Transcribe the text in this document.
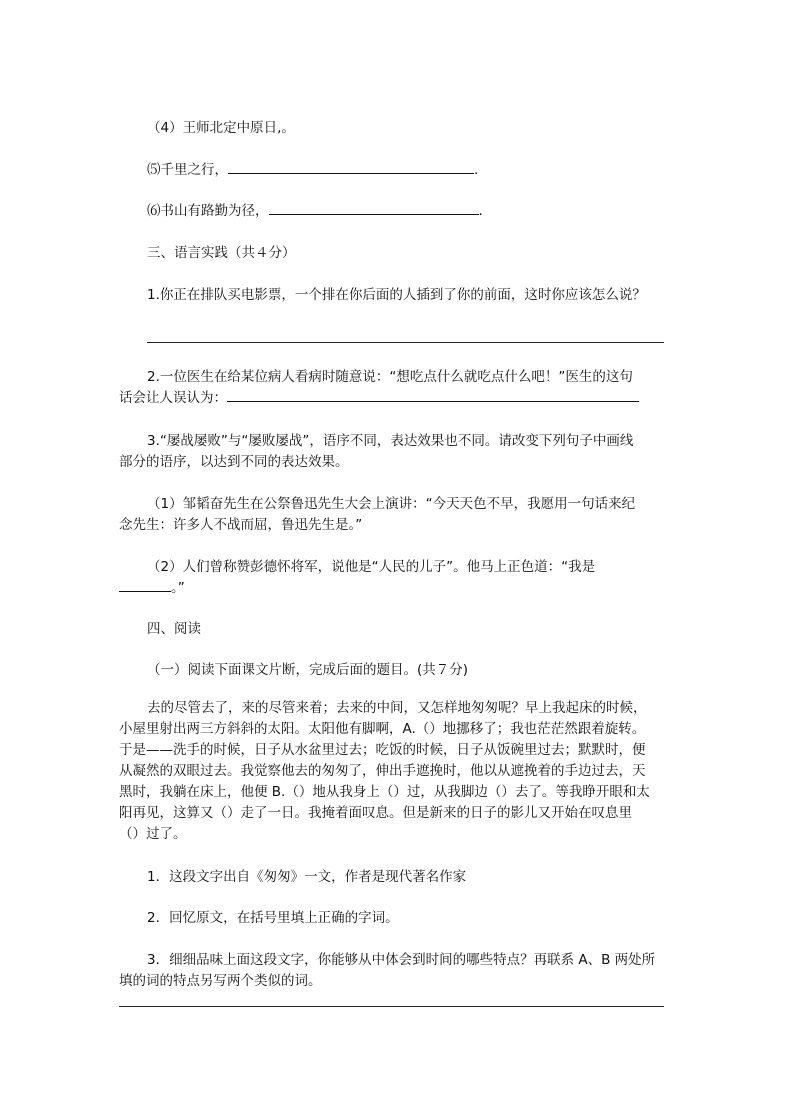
（4）王师北定中原日,。
⑸千里之行，	.
⑹书山有路勤为径，	.
三、语言实践（共４分）
1.你正在排队买电影票，一个排在你后面的人插到了你的前面，这时你应该怎么说？
2.一位医生在给某位病人看病时随意说：“想吃点什么就吃点什么吧！”医生的这句
话会让人误认为：
3.“屡战屡败”与“屡败屡战”，语序不同，表达效果也不同。请改变下列句子中画线
部分的语序，以达到不同的表达效果。
（1）邹韬奋先生在公祭鲁迅先生大会上演讲：“今天天色不早，我愿用一句话来纪
念先生：许多人不战而屈，鲁迅先生是。”
（2）人们曾称赞彭德怀将军，说他是“人民的儿子”。他马上正色道：“我是
。”
四、阅读
（一）阅读下面课文片断，完成后面的题目。(共７分)
去的尽管去了，来的尽管来着；去来的中间，又怎样地匆匆呢？早上我起床的时候，
小屋里射出两三方斜斜的太阳。太阳他有脚啊，A.（）地挪移了；我也茫茫然跟着旋转。
于是——洗手的时候，日子从水盆里过去；吃饭的时候，日子从饭碗里过去；默默时，便
从凝然的双眼过去。我觉察他去的匆匆了，伸出手遮挽时，他以从遮挽着的手边过去，天
黑时，我躺在床上，他便 B.（）地从我身上（）过，从我脚边（）去了。等我睁开眼和太
阳再见，这算又（）走了一日。我掩着面叹息。但是新来的日子的影儿又开始在叹息里
（）过了。
1．这段文字出自《匆匆》一文，作者是现代著名作家
2．回忆原文，在括号里填上正确的字词。
3．细细品味上面这段文字，你能够从中体会到时间的哪些特点？再联系 A、B 两处所
填的词的特点另写两个类似的词。
